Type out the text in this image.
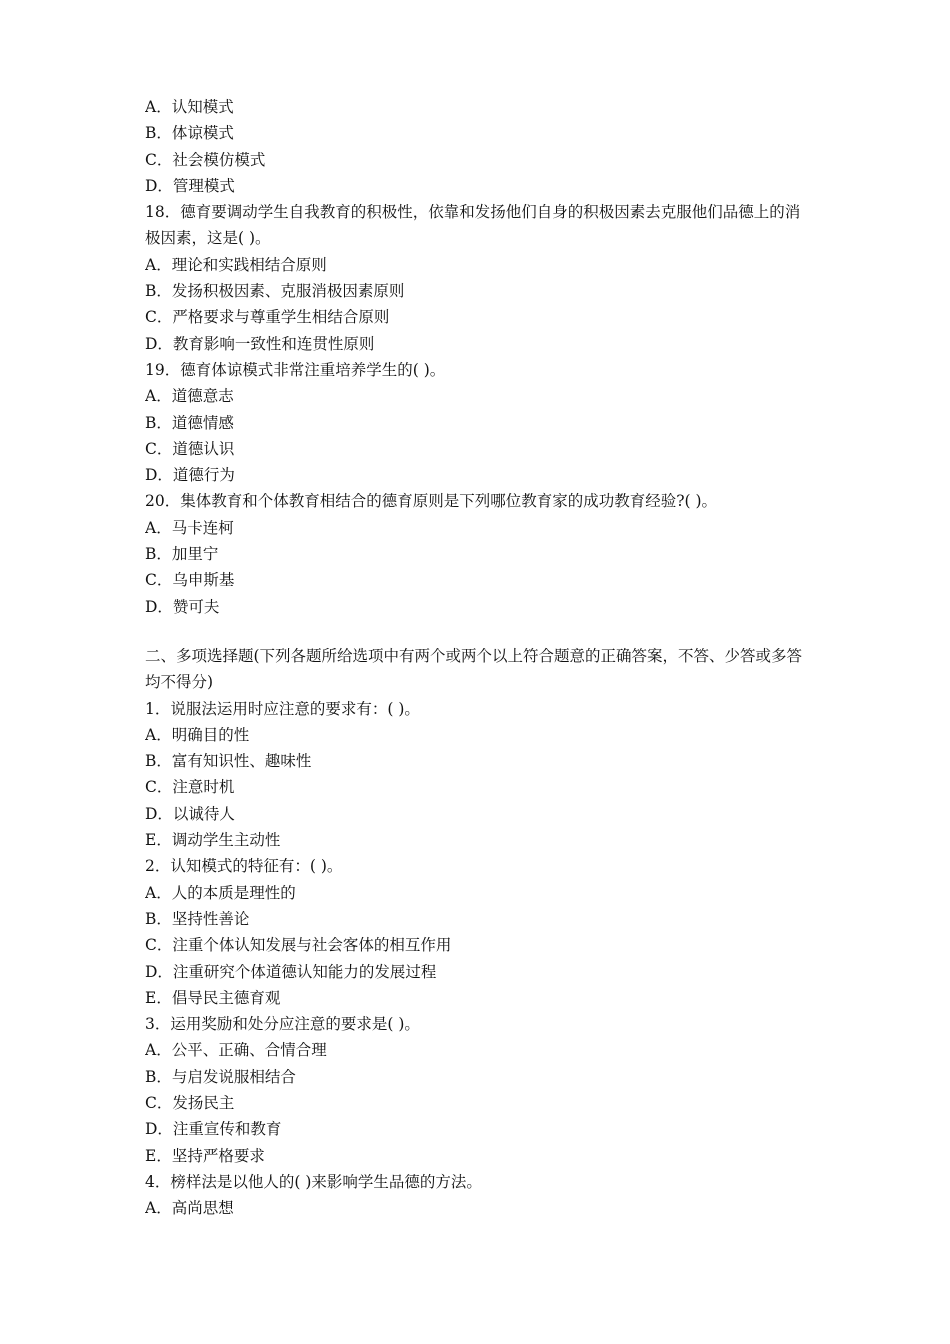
A．认知模式
B．体谅模式
C．社会模仿模式
D．管理模式
18．德育要调动学生自我教育的积极性，依靠和发扬他们自身的积极因素去克服他们品德上的消极因素，这是( )。
A．理论和实践相结合原则
B．发扬积极因素、克服消极因素原则
C．严格要求与尊重学生相结合原则
D．教育影响一致性和连贯性原则
19．德育体谅模式非常注重培养学生的( )。
A．道德意志
B．道德情感
C．道德认识
D．道德行为
20．集体教育和个体教育相结合的德育原则是下列哪位教育家的成功教育经验?( )。
A．马卡连柯
B．加里宁
C．乌申斯基
D．赞可夫
二、多项选择题(下列各题所给选项中有两个或两个以上符合题意的正确答案，不答、少答或多答均不得分)
1．说服法运用时应注意的要求有：( )。
A．明确目的性
B．富有知识性、趣味性
C．注意时机
D．以诚待人
E．调动学生主动性
2．认知模式的特征有：( )。
A．人的本质是理性的
B．坚持性善论
C．注重个体认知发展与社会客体的相互作用
D．注重研究个体道德认知能力的发展过程
E．倡导民主德育观
3．运用奖励和处分应注意的要求是( )。
A．公平、正确、合情合理
B．与启发说服相结合
C．发扬民主
D．注重宣传和教育
E．坚持严格要求
4．榜样法是以他人的( )来影响学生品德的方法。
A．高尚思想
